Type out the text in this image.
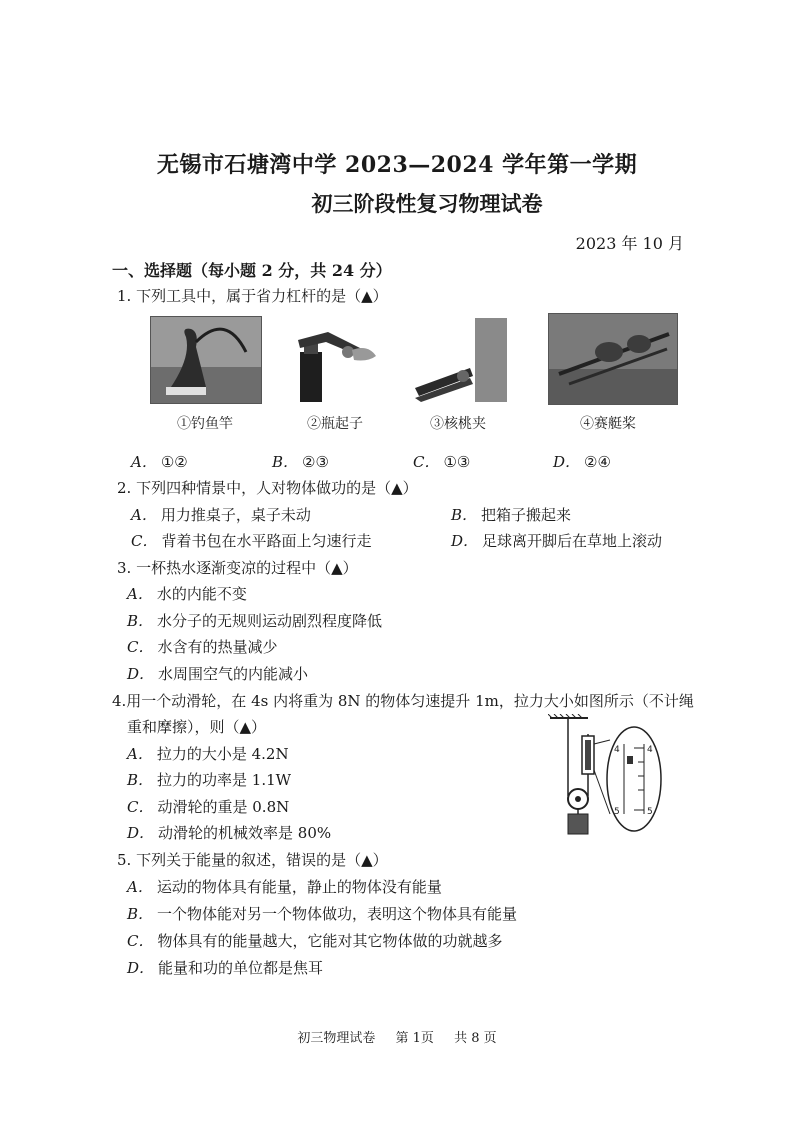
无锡市石塘湾中学 2023—2024 学年第一学期
初三阶段性复习物理试卷
2023 年 10 月
一、选择题（每小题 2 分，共 24 分）
1. 下列工具中，属于省力杠杆的是（▲）
①钓鱼竿	②瓶起子	③核桃夹	④赛艇桨
A． ①②	B． ②③	C． ①③	D． ②④
2. 下列四种情景中，人对物体做功的是（▲）
A． 用力推桌子，桌子未动	B． 把箱子搬起来
C． 背着书包在水平路面上匀速行走	D． 足球离开脚后在草地上滚动
3. 一杯热水逐渐变凉的过程中（▲）
A． 水的内能不变
B． 水分子的无规则运动剧烈程度降低
C． 水含有的热量减少
D． 水周围空气的内能减小
4.用一个动滑轮，在 4s 内将重为 8N 的物体匀速提升 1m，拉力大小如图所示（不计绳
重和摩擦），则（▲）
A． 拉力的大小是 4.2N
B． 拉力的功率是 1.1W
C． 动滑轮的重是 0.8N
D． 动滑轮的机械效率是 80%
4
5
4
5
5. 下列关于能量的叙述，错误的是（▲）
A． 运动的物体具有能量，静止的物体没有能量
B． 一个物体能对另一个物体做功，表明这个物体具有能量
C． 物体具有的能量越大，它能对其它物体做的功就越多
D． 能量和功的单位都是焦耳
初三物理试卷 第 1页 共 8 页
